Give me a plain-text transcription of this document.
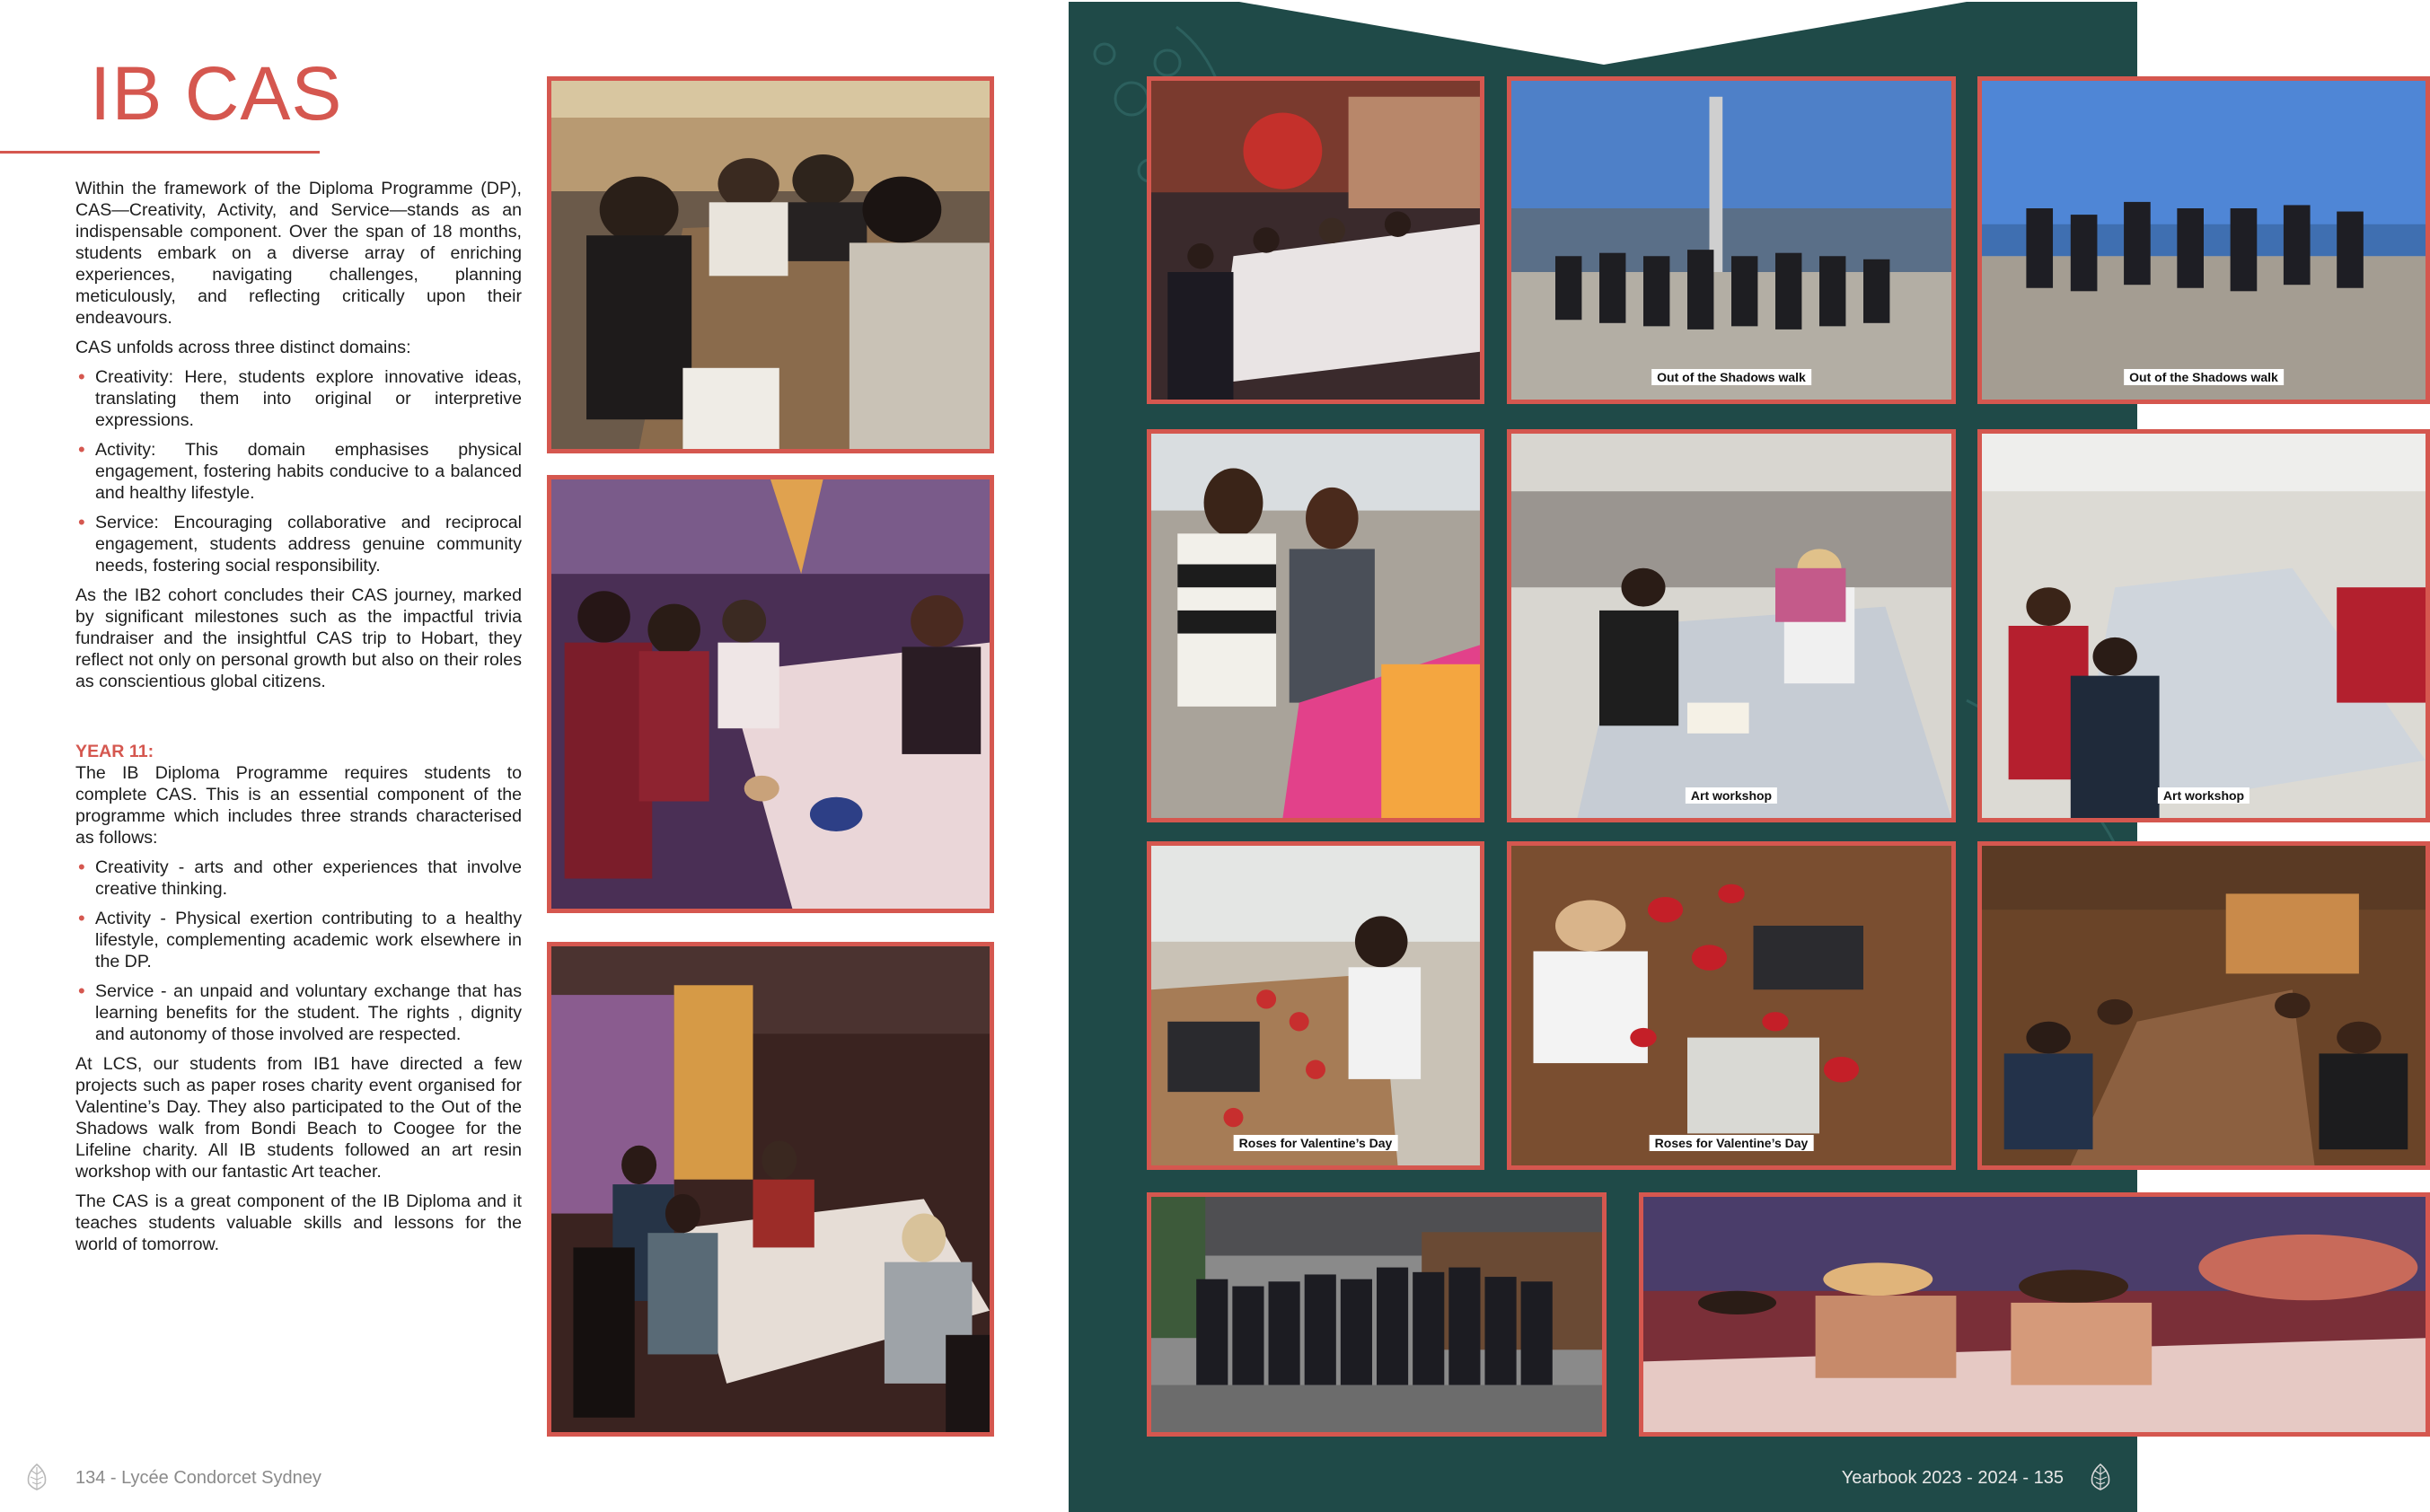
IB CAS

Within the framework of the Diploma Programme (DP), CAS—Creativity, Activity, and Service—stands as an indispensable component. Over the span of 18 months, students embark on a diverse array of enriching experiences, navigating challenges, planning meticulously, and reflecting critically upon their endeavours.

CAS unfolds across three distinct domains:

• Creativity: Here, students explore innovative ideas, translating them into original or interpretive expressions.
• Activity: This domain emphasises physical engagement, fostering habits conducive to a balanced and healthy lifestyle.
• Service: Encouraging collaborative and reciprocal engagement, students address genuine community needs, fostering social responsibility.

As the IB2 cohort concludes their CAS journey, marked by significant milestones such as the impactful trivia fundraiser and the insightful CAS trip to Hobart, they reflect not only on personal growth but also on their roles as conscientious global citizens.

YEAR 11:

The IB Diploma Programme requires students to complete CAS. This is an essential component of the programme which includes three strands characterised as follows:

• Creativity - arts and other experiences that involve creative thinking.
• Activity - Physical exertion contributing to a healthy lifestyle, complementing academic work elsewhere in the DP.
• Service - an unpaid and voluntary exchange that has learning benefits for the student. The rights , dignity and autonomy of those involved are respected.

At LCS, our students from IB1 have directed a few projects such as paper roses charity event organised for Valentine’s Day. They also participated to the Out of the Shadows walk from Bondi Beach to Coogee for the Lifeline charity. All IB students followed an art resin workshop with our fantastic Art teacher.

The CAS is a great component of the IB Diploma and it teaches students valuable skills and lessons for the world of tomorrow.

134 - Lycée Condorcet Sydney
Out of the Shadows walk	Out of the Shadows walk
Art workshop	Art workshop
Roses for Valentine’s Day	Roses for Valentine’s Day
Yearbook 2023 - 2024 - 135
